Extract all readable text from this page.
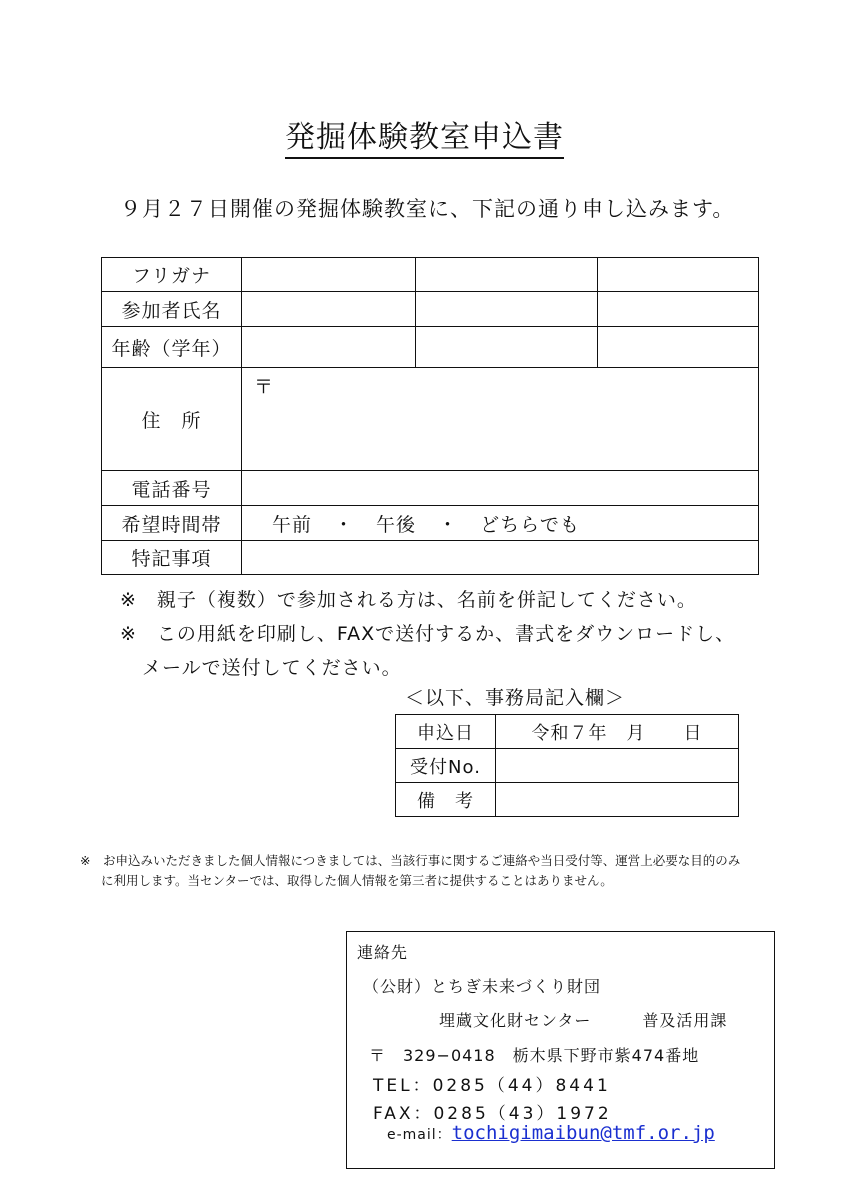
発掘体験教室申込書
９月２７日開催の発掘体験教室に、下記の通り申し込みます。
フリガナ			
参加者氏名			
年齢（学年）			
住　所	〒		

電話番号			
希望時間帯	午前 ・ 午後 ・ どちらでも		
特記事項			
※　親子（複数）で参加される方は、名前を併記してください。
※　この用紙を印刷し、FAXで送付するか、書式をダウンロードし、
メールで送付してください。
＜以下、事務局記入欄＞
申込日	令和７年　月　　日
受付No.	
備　考	
※　お申込みいただきました個人情報につきましては、当該行事に関するご連絡や当日受付等、運営上必要な目的のみ
に利用します。当センターでは、取得した個人情報を第三者に提供することはありません。
連絡先
（公財）とちぎ未来づくり財団
埋蔵文化財センター　　　普及活用課
〒　329−0418　栃木県下野市紫474番地
TEL：0285（44）8441
FAX：0285（43）1972
e-mail：tochigimaibun@tmf.or.jp
